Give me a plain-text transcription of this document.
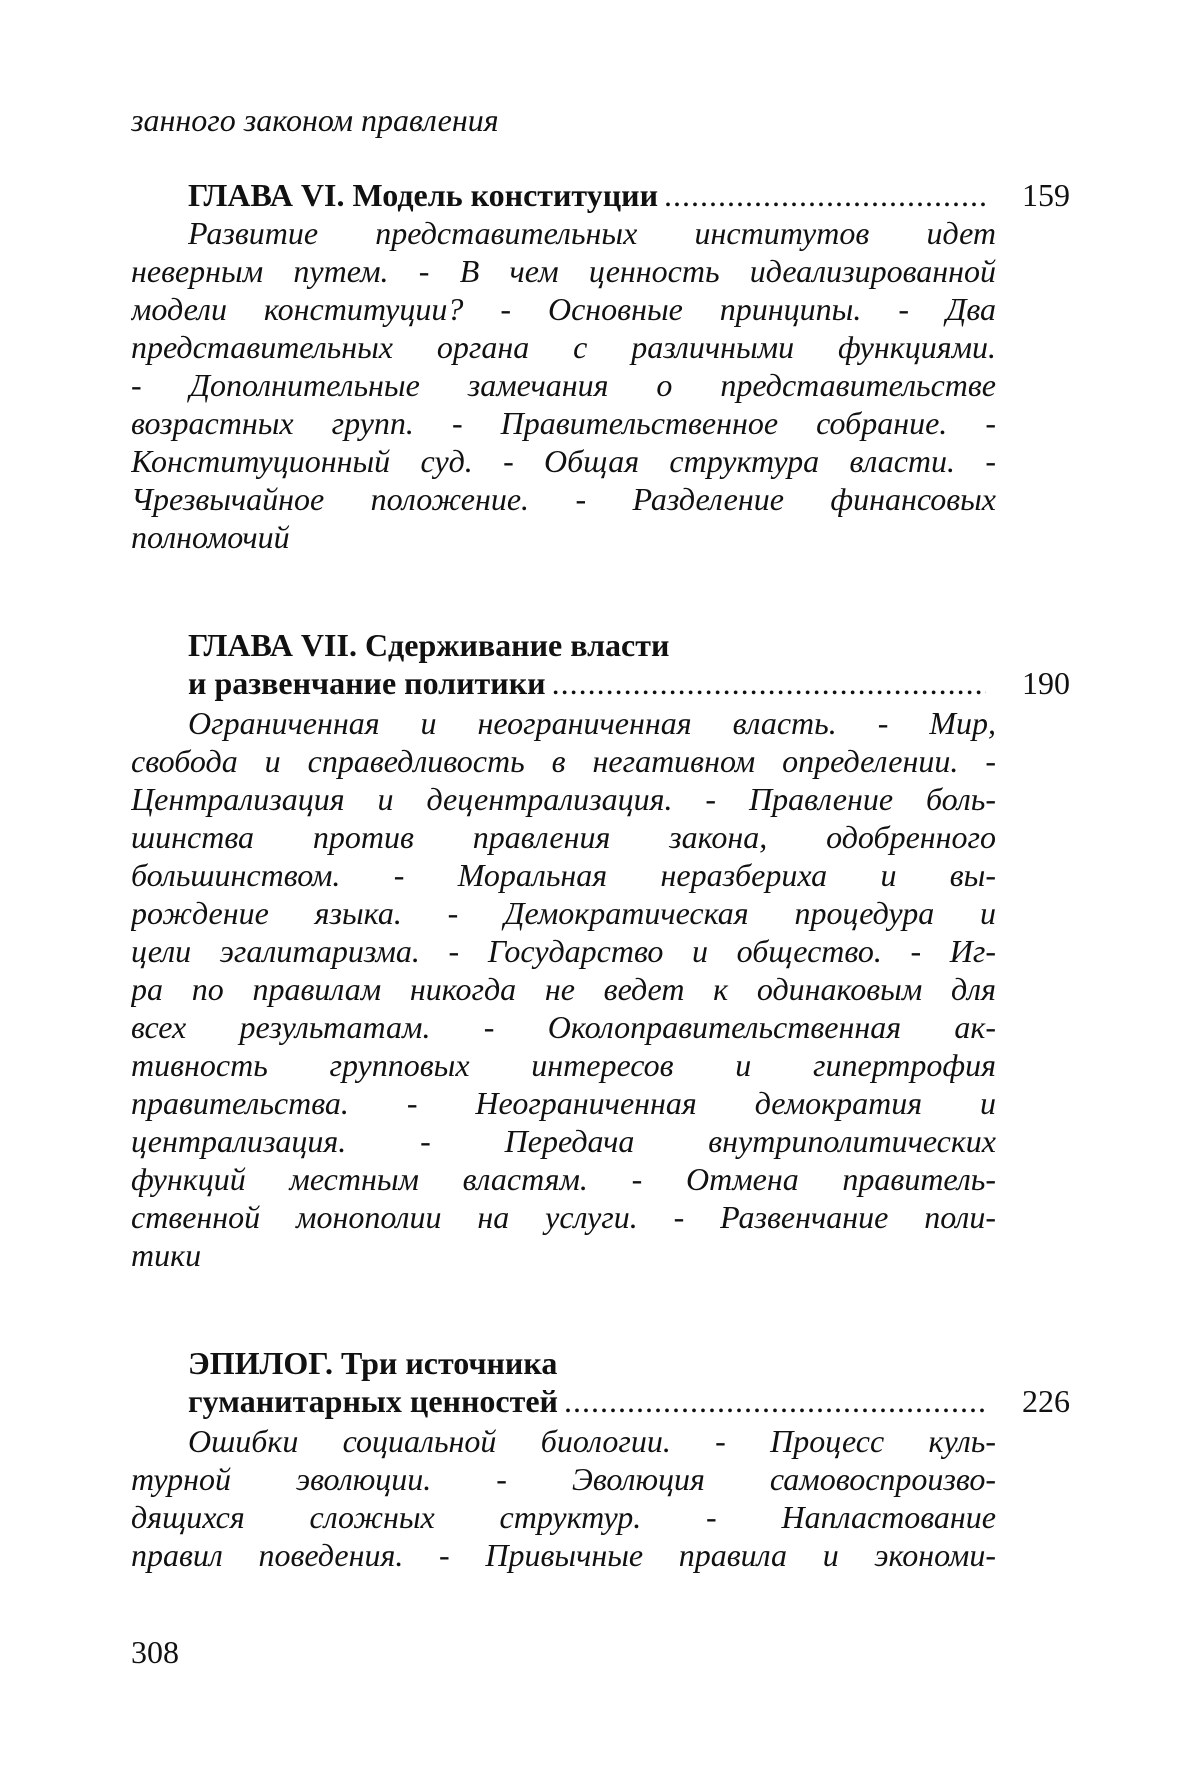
занного законом правления
ГЛАВА VI. Модель конституции .....	159
Развитие представительных институтов идет
неверным путем. - В чем ценность идеализированной
модели конституции? - Основные принципы. - Два
представительных органа с различными функциями.
- Дополнительные замечания о представительстве
возрастных групп. - Правительственное собрание. -
Конституционный суд. - Общая структура власти. -
Чрезвычайное положение. - Разделение финансовых
полномочий
ГЛАВА VII. Сдерживание власти
и развенчание политики .....	190
Ограниченная и неограниченная власть. - Мир,
свобода и справедливость в негативном определении. -
Централизация и децентрализация. - Правление боль-
шинства против правления закона, одобренного
большинством. - Моральная неразбериха и вы-
рождение языка. - Демократическая процедура и
цели эгалитаризма. - Государство и общество. - Иг-
ра по правилам никогда не ведет к одинаковым для
всех результатам. - Околоправительственная ак-
тивность групповых интересов и гипертрофия
правительства. - Неограниченная демократия и
централизация. - Передача внутриполитических
функций местным властям. - Отмена правитель-
ственной монополии на услуги. - Развенчание поли-
тики
ЭПИЛОГ. Три источника
гуманитарных ценностей .....	226
Ошибки социальной биологии. - Процесс куль-
турной эволюции. - Эволюция самовоспроизво-
дящихся сложных структур. - Напластование
правил поведения. - Привычные правила и экономи-
308
